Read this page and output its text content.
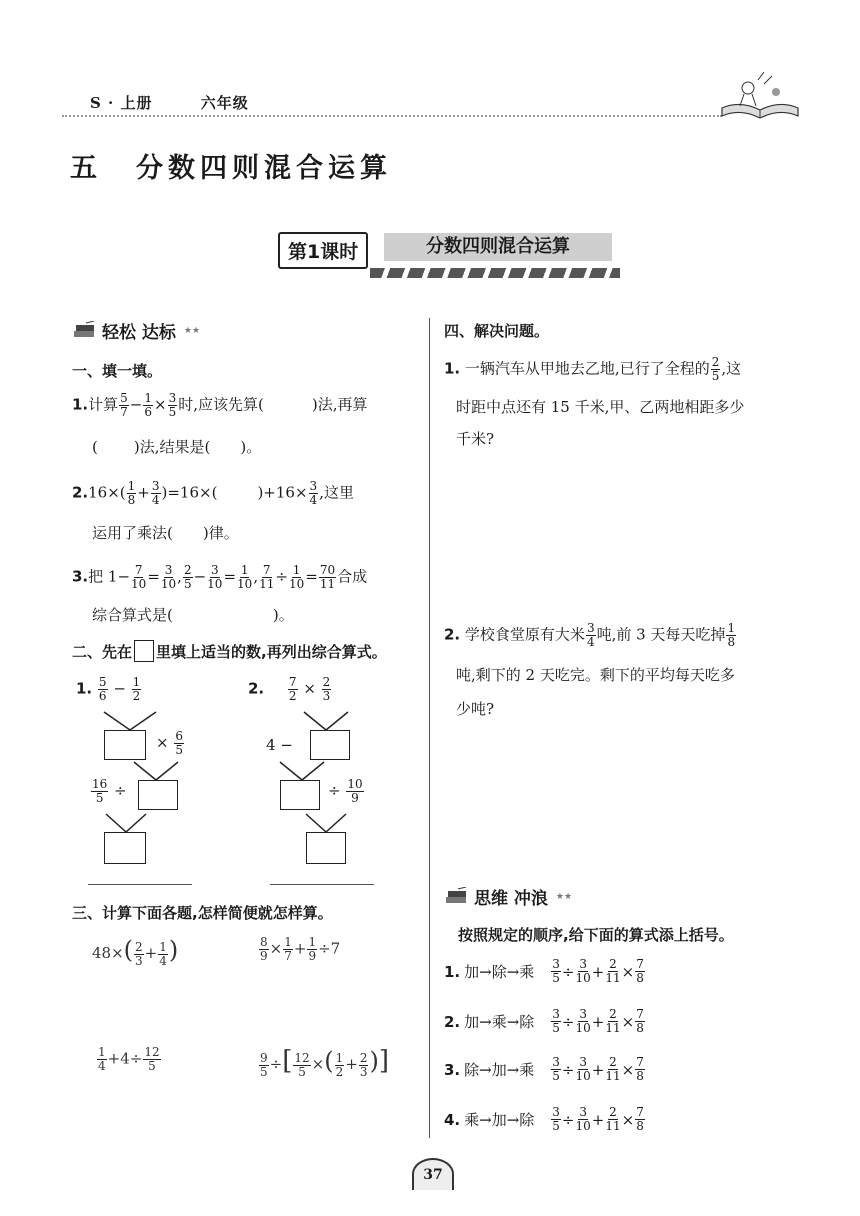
S · 上册	六年级
五 分数四则混合运算
分数四则混合运算
第1课时
轻松 达标 ★★
一、填一填。
1.计算 $\frac{5}{7} - \frac{1}{6} \times \frac{3}{5}$ 时,应该先算(	)法,再算
( )法,结果是( )。
$2.16\times( \frac{1}{8} + \frac{3}{4} )=16\times$(	)$+16\times \frac{3}{4}$ ,这里
运用了乘法( )律。
3.把 $1- \frac{7}{10} = \frac{3}{10}$ , $\frac{2}{5} - \frac{3}{10} = \frac{1}{10}$ , $\frac{7}{11} \div \frac{1}{10} = \frac{70}{11}$ 合成
综合算式是(	)。
二、先在 里填上适当的数,再列出综合算式。
1. $\frac{5}{6} - \frac{1}{2}$
× $\frac{6}{5}$
$\frac{16}{5}$ ÷
2. $\frac{7}{2} \times \frac{2}{3}$
4 −
÷ $\frac{10}{9}$
三、计算下面各题,怎样简便就怎样算。
$48\times( \frac{2}{3} + \frac{1}{4}$ )	$\frac{8}{9} \times \frac{1}{7} + \frac{1}{9} \div 7$
$\frac{1}{4} +4\div \frac{12}{5}$	$\frac{9}{5}$ ÷[ $\frac{12}{5}$ ×( $\frac{1}{2} + \frac{2}{3}$ )]
四、解决问题。
1. 一辆汽车从甲地去乙地,已行了全程的 $\frac{2}{5}$ ,这
时距中点还有 15 千米,甲、乙两地相距多少
千米?
2. 学校食堂原有大米 $\frac{3}{4}$ 吨,前 3 天每天吃掉 $\frac{1}{8}$
吨,剩下的 2 天吃完。剩下的平均每天吃多
少吨?
思维 冲浪 ★★
按照规定的顺序,给下面的算式添上括号。
1. 加→除→乘 $\frac{3}{5} \div \frac{3}{10} + \frac{2}{11} \times \frac{7}{8}$
2. 加→乘→除 $\frac{3}{5} \div \frac{3}{10} + \frac{2}{11} \times \frac{7}{8}$
3. 除→加→乘 $\frac{3}{5} \div \frac{3}{10} + \frac{2}{11} \times \frac{7}{8}$
4. 乘→加→除 $\frac{3}{5} \div \frac{3}{10} + \frac{2}{11} \times \frac{7}{8}$
37
